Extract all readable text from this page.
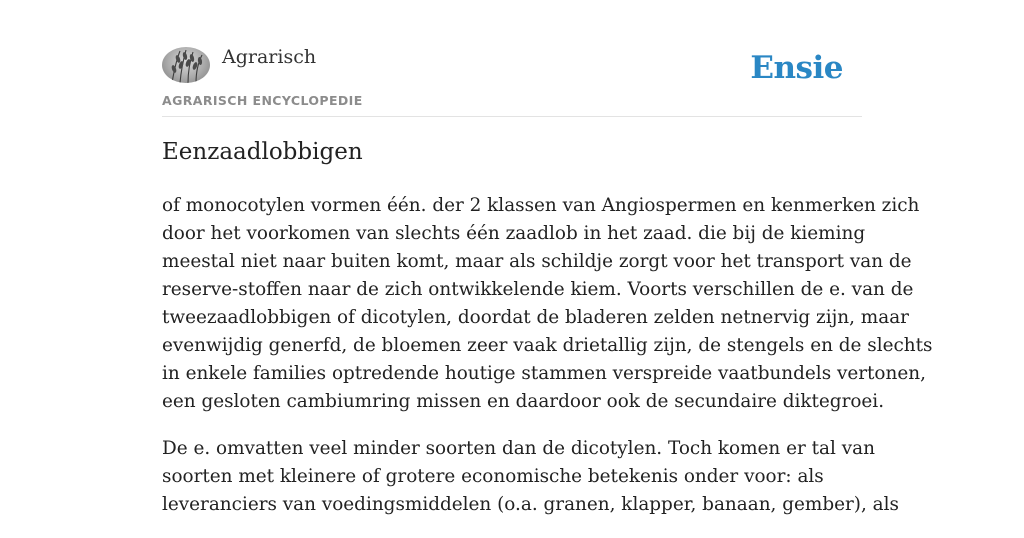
Agrarisch
AGRARISCH ENCYCLOPEDIE
Ensie
Eenzaadlobbigen

of monocotylen vormen één. der 2 klassen van Angiospermen en kenmerken zich
door het voorkomen van slechts één zaadlob in het zaad. die bij de kieming
meestal niet naar buiten komt, maar als schildje zorgt voor het transport van de
reserve-stoffen naar de zich ontwikkelende kiem. Voorts verschillen de e. van de
tweezaadlobbigen of dicotylen, doordat de bladeren zelden netnervig zijn, maar
evenwijdig generfd, de bloemen zeer vaak drietallig zijn, de stengels en de slechts
in enkele families optredende houtige stammen verspreide vaatbundels vertonen,
een gesloten cambiumring missen en daardoor ook de secundaire diktegroei.

De e. omvatten veel minder soorten dan de dicotylen. Toch komen er tal van
soorten met kleinere of grotere economische betekenis onder voor: als
leveranciers van voedingsmiddelen (o.a. granen, klapper, banaan, gember), als
